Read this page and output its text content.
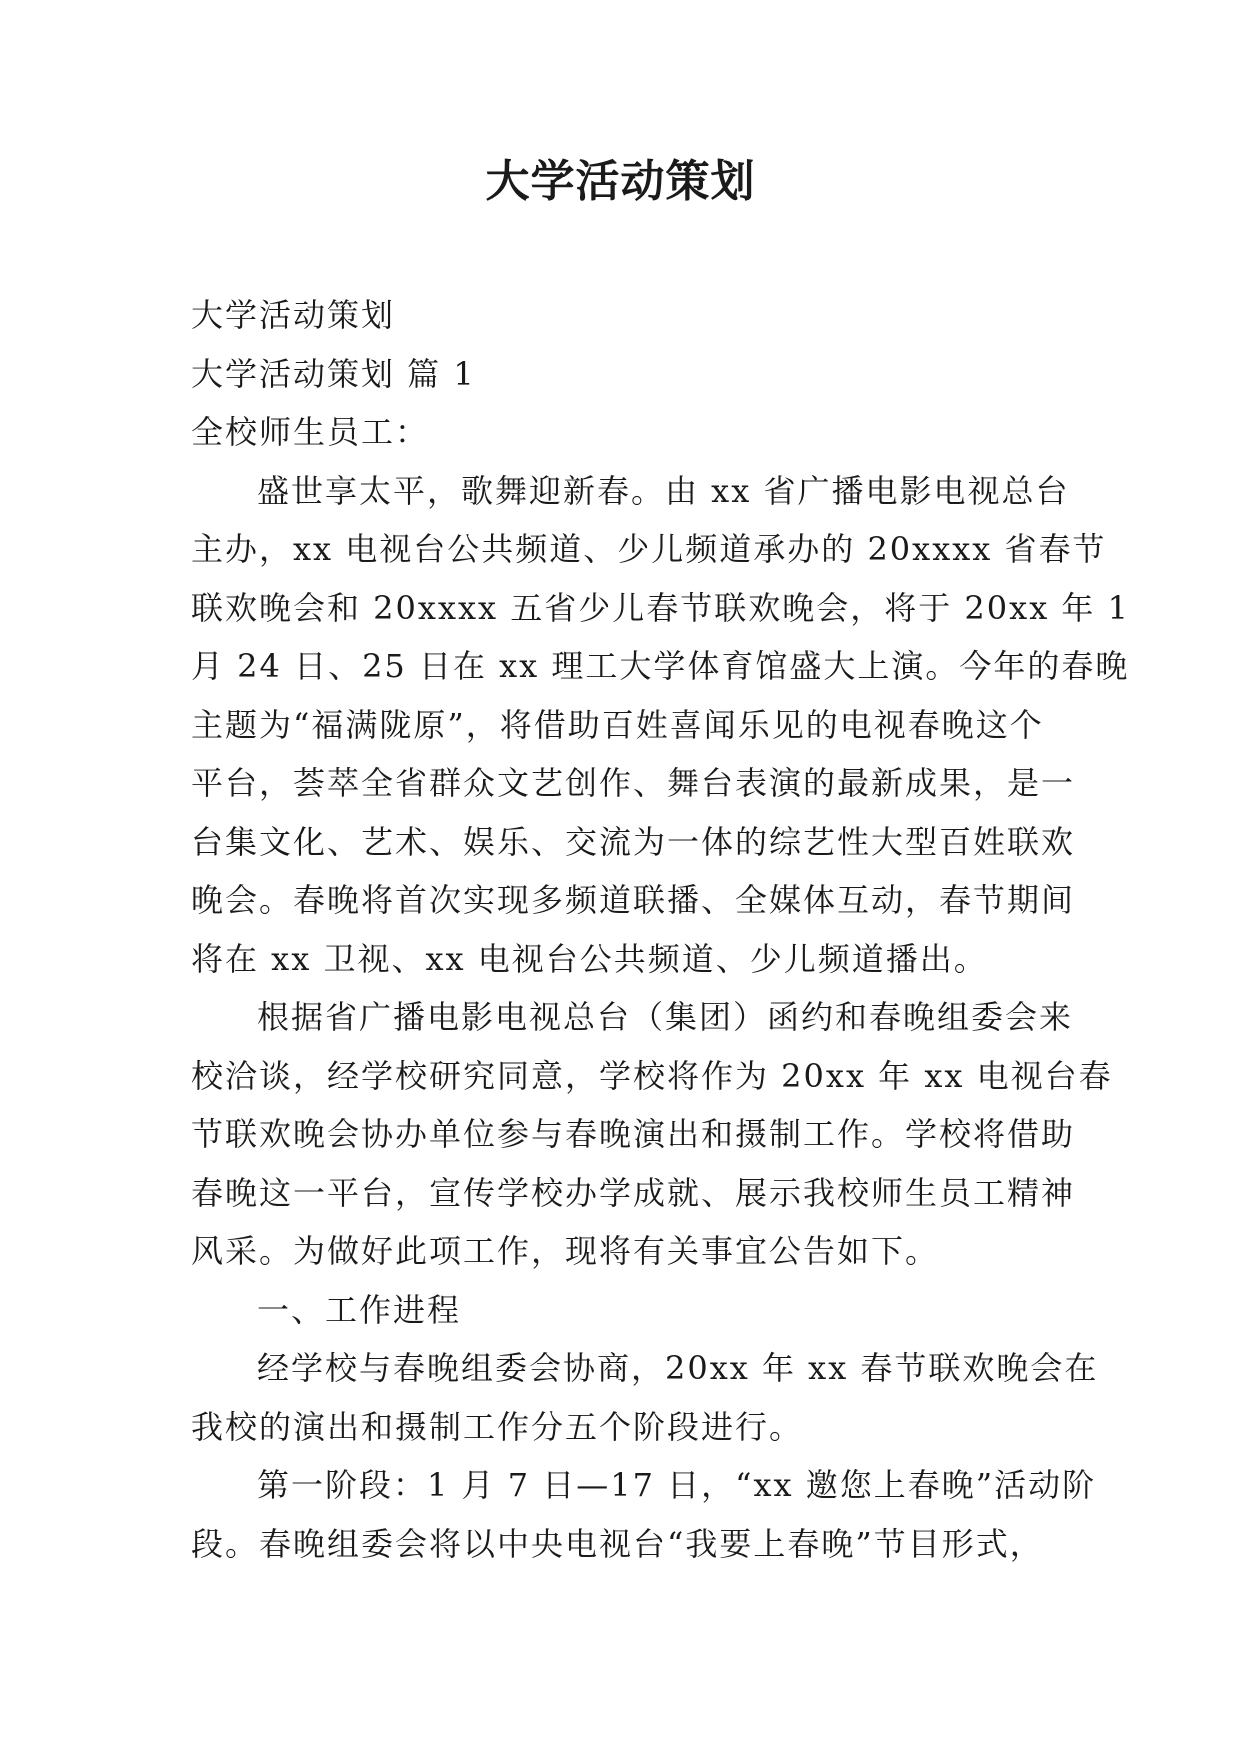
大学活动策划
大学活动策划
大学活动策划 篇 1
全校师生员工：
盛世享太平，歌舞迎新春。由 xx 省广播电影电视总台
主办，xx 电视台公共频道、少儿频道承办的 20xxxx 省春节
联欢晚会和 20xxxx 五省少儿春节联欢晚会，将于 20xx 年 1
月 24 日、25 日在 xx 理工大学体育馆盛大上演。今年的春晚
主题为“福满陇原”，将借助百姓喜闻乐见的电视春晚这个
平台，荟萃全省群众文艺创作、舞台表演的最新成果，是一
台集文化、艺术、娱乐、交流为一体的综艺性大型百姓联欢
晚会。春晚将首次实现多频道联播、全媒体互动，春节期间
将在 xx 卫视、xx 电视台公共频道、少儿频道播出。
根据省广播电影电视总台（集团）函约和春晚组委会来
校洽谈，经学校研究同意，学校将作为 20xx 年 xx 电视台春
节联欢晚会协办单位参与春晚演出和摄制工作。学校将借助
春晚这一平台，宣传学校办学成就、展示我校师生员工精神
风采。为做好此项工作，现将有关事宜公告如下。
一、工作进程
经学校与春晚组委会协商，20xx 年 xx 春节联欢晚会在
我校的演出和摄制工作分五个阶段进行。
第一阶段：1 月 7 日—17 日，“xx 邀您上春晚”活动阶
段。春晚组委会将以中央电视台“我要上春晚”节目形式，
